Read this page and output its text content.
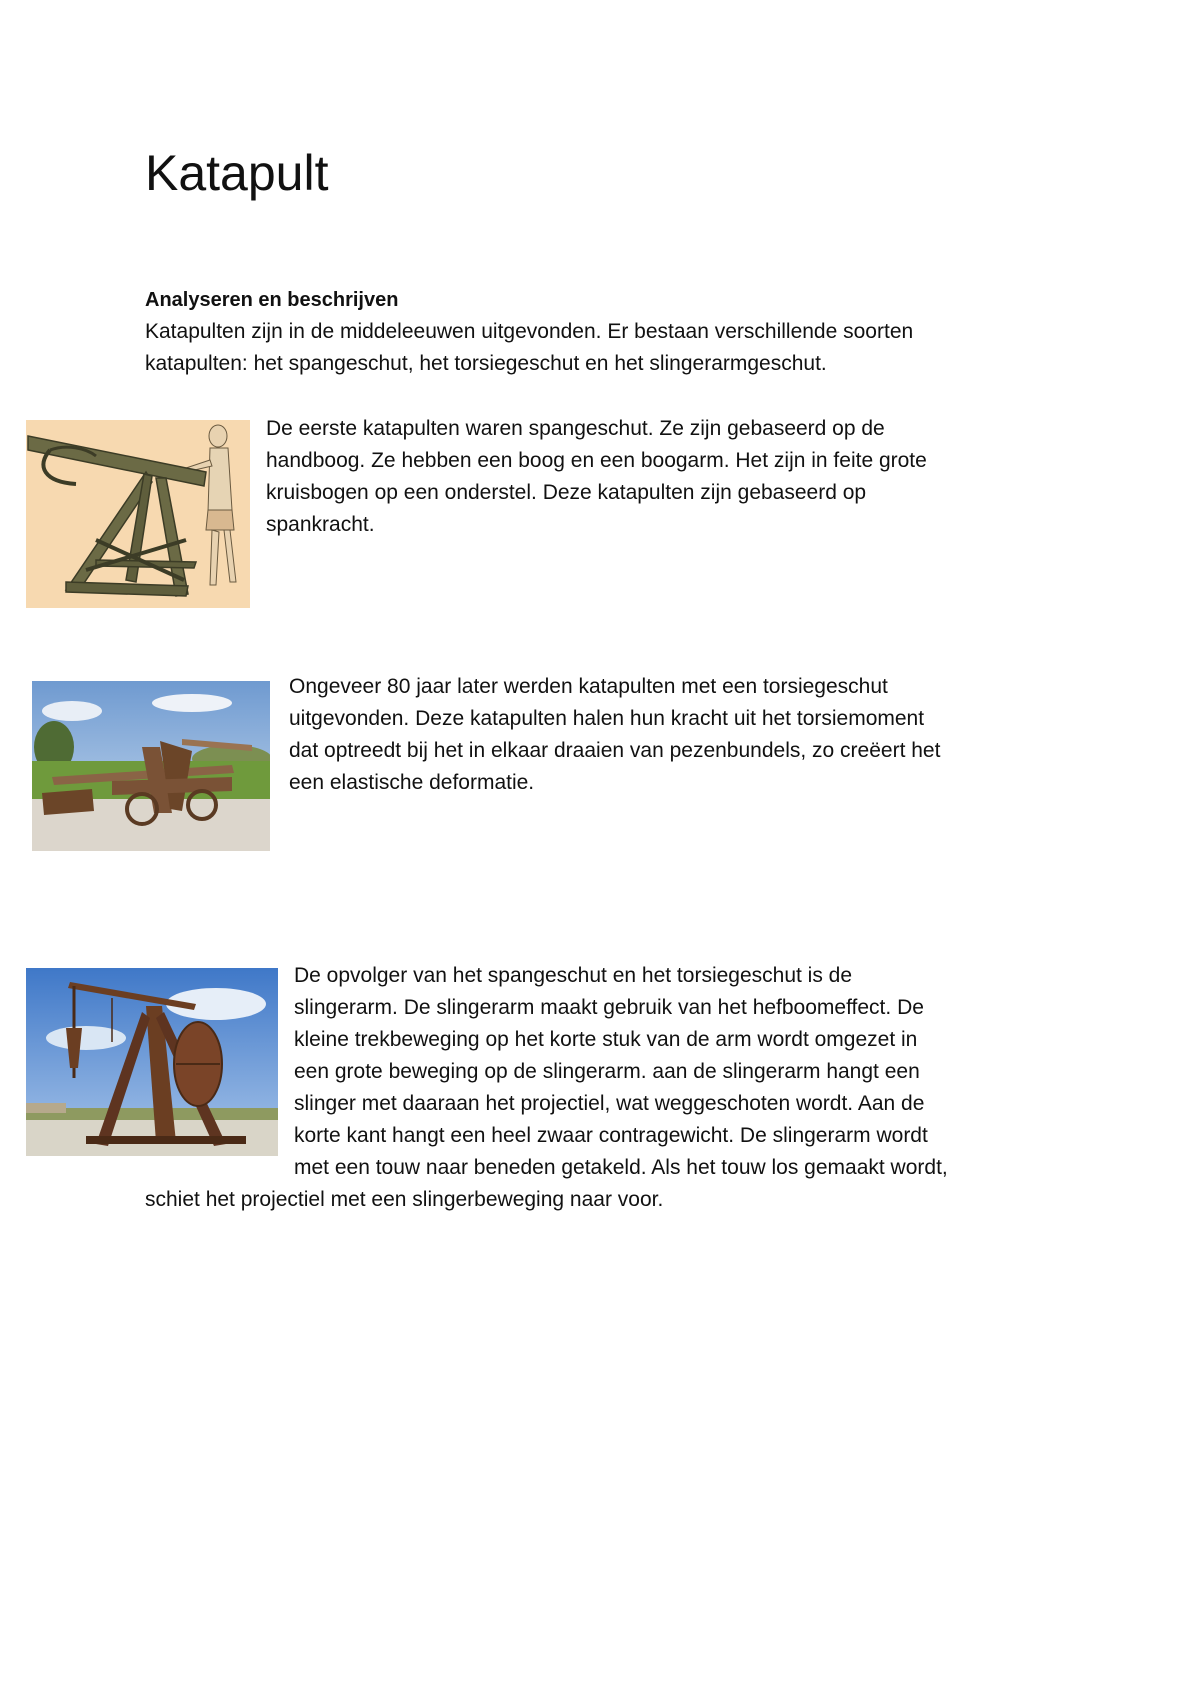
Katapult
Analyseren en beschrijven
Katapulten zijn in de middeleeuwen uitgevonden. Er bestaan verschillende soorten
katapulten: het spangeschut, het torsiegeschut en het slingerarmgeschut.
De eerste katapulten waren spangeschut. Ze zijn gebaseerd op de
handboog. Ze hebben een boog en een boogarm. Het zijn in feite grote
kruisbogen op een onderstel. Deze katapulten zijn gebaseerd op
spankracht.
Ongeveer 80 jaar later werden katapulten met een torsiegeschut
uitgevonden. Deze katapulten halen hun kracht uit het torsiemoment
dat optreedt bij het in elkaar draaien van pezenbundels, zo creëert het
een elastische deformatie.
De opvolger van het spangeschut en het torsiegeschut is de
slingerarm. De slingerarm maakt gebruik van het hefboomeffect. De
kleine trekbeweging op het korte stuk van de arm wordt omgezet in
een grote beweging op de slingerarm. aan de slingerarm hangt een
slinger met daaraan het projectiel, wat weggeschoten wordt. Aan de
korte kant hangt een heel zwaar contragewicht. De slingerarm wordt
met een touw naar beneden getakeld. Als het touw los gemaakt wordt,
schiet het projectiel met een slingerbeweging naar voor.
